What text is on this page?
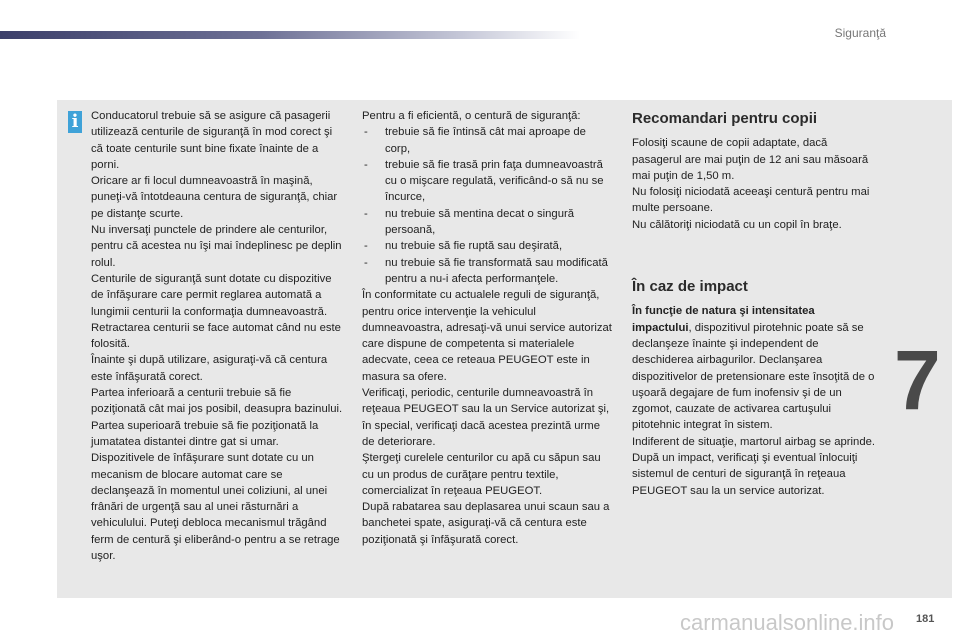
Siguranţă
i	Conducatorul trebuie să se asigure că pasagerii utilizează centurile de siguranţă în mod corect şi că toate centurile sunt bine fixate înainte de a porni.

Oricare ar fi locul dumneavoastră în maşină, puneţi-vă întotdeauna centura de siguranţă, chiar pe distanţe scurte.

Nu inversaţi punctele de prindere ale centurilor, pentru că acestea nu îşi mai îndeplinesc pe deplin rolul.

Centurile de siguranţă sunt dotate cu dispozitive de înfăşurare care permit reglarea automată a lungimii centurii la conformaţia dumneavoastră. Retractarea centurii se face automat când nu este folosită.

Înainte şi după utilizare, asiguraţi-vă că centura este înfăşurată corect.

Partea inferioară a centurii trebuie să fie poziţionată cât mai jos posibil, deasupra bazinului.

Partea superioară trebuie să fie poziţionată la jumatatea distantei dintre gat si umar.

Dispozitivele de înfăşurare sunt dotate cu un mecanism de blocare automat care se declanşează în momentul unei coliziuni, al unei frânări de urgenţă sau al unei răsturnări a vehiculului. Puteţi debloca mecanismul trăgând ferm de centură şi eliberând-o pentru a se retrage uşor.

Pentru a fi eficientă, o centură de siguranţă:

- trebuie să fie întinsă cât mai aproape de corp,
- trebuie să fie trasă prin faţa dumneavoastră cu o mişcare regulată, verificând-o să nu se încurce,
- nu trebuie să mentina decat o singură persoană,
- nu trebuie să fie ruptă sau deşirată,
- nu trebuie să fie transformată sau modificată pentru a nu-i afecta performanţele.

În conformitate cu actualele reguli de siguranţă, pentru orice intervenţie la vehiculul dumneavoastra, adresaţi-vă unui service autorizat care dispune de competenta si materialele adecvate, ceea ce reteaua PEUGEOT este in masura sa ofere.

Verificaţi, periodic, centurile dumneavoastră în reţeaua PEUGEOT sau la un Service autorizat şi, în special, verificaţi dacă acestea prezintă urme de deteriorare.

Ştergeţi curelele centurilor cu apă cu săpun sau cu un produs de curăţare pentru textile, comercializat în reţeaua PEUGEOT.

După rabatarea sau deplasarea unui scaun sau a banchetei spate, asiguraţi-vă că centura este poziţionată şi înfăşurată corect.

Recomandari pentru copii

Folosiţi scaune de copii adaptate, dacă pasagerul are mai puţin de 12 ani sau măsoară mai puţin de 1,50 m.

Nu folosiţi niciodată aceeaşi centură pentru mai multe persoane.

Nu călătoriţi niciodată cu un copil în braţe.

În caz de impact

În funcţie de natura şi intensitatea impactului, dispozitivul pirotehnic poate să se declanşeze înainte şi independent de deschiderea airbagurilor. Declanşarea dispozitivelor de pretensionare este însoţită de o uşoară degajare de fum inofensiv şi de un zgomot, cauzate de activarea cartuşului pitotehnic integrat în sistem.

Indiferent de situaţie, martorul airbag se aprinde.

După un impact, verificaţi şi eventual înlocuiţi sistemul de centuri de siguranţă în reţeaua PEUGEOT sau la un service autorizat.

7
carmanualsonline.info 181
